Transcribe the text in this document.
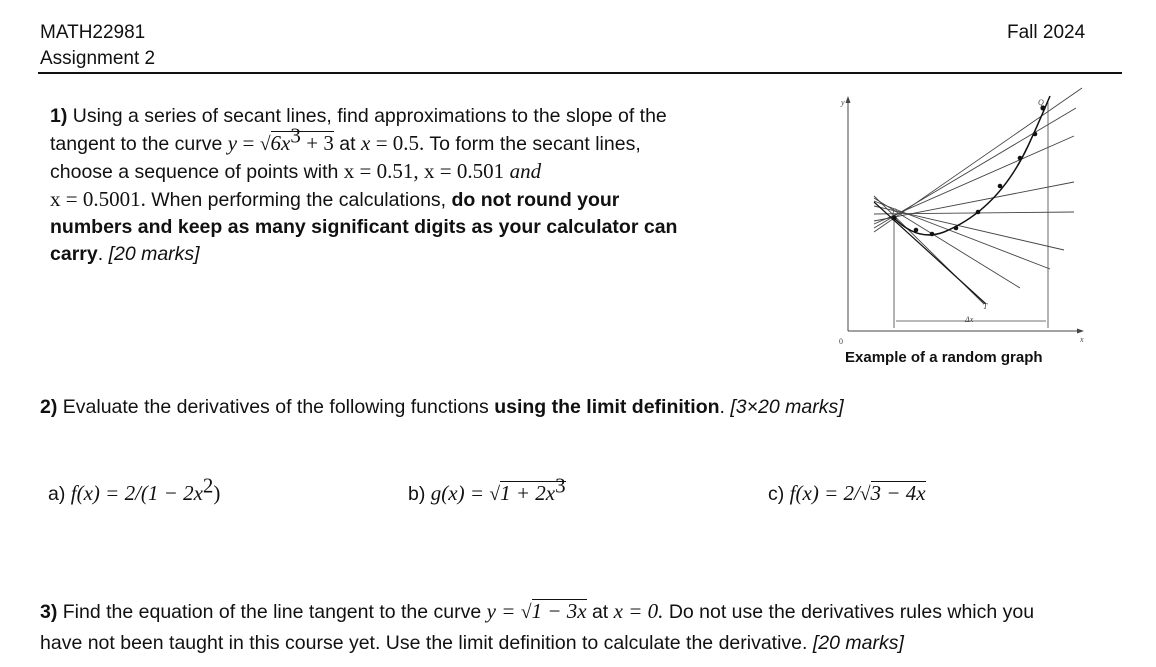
MATH22981
Assignment 2
Fall 2024
1) Using a series of secant lines, find approximations to the slope of the
tangent to the curve $y = √6x^3 + 3$ at x = 0.5. To form the secant lines,
choose a sequence of points with x = 0.51, x = 0.501 and
x = 0.5001. When performing the calculations, do not round your
numbers and keep as many significant digits as your calculator can
carry. [20 marks]
y
x
0
P
Q
T
Δx
Example of a random graph
2) Evaluate the derivatives of the following functions using the limit definition. [3×20 marks]
a) $f(x) = 2/(1 - 2x^2)$	b) $g(x) = √1 + 2x^3$	c) f(x) = 2/√3 − 4x
3) Find the equation of the line tangent to the curve y = √1 − 3x at x = 0. Do not use the derivatives rules which you
have not been taught in this course yet. Use the limit definition to calculate the derivative. [20 marks]
